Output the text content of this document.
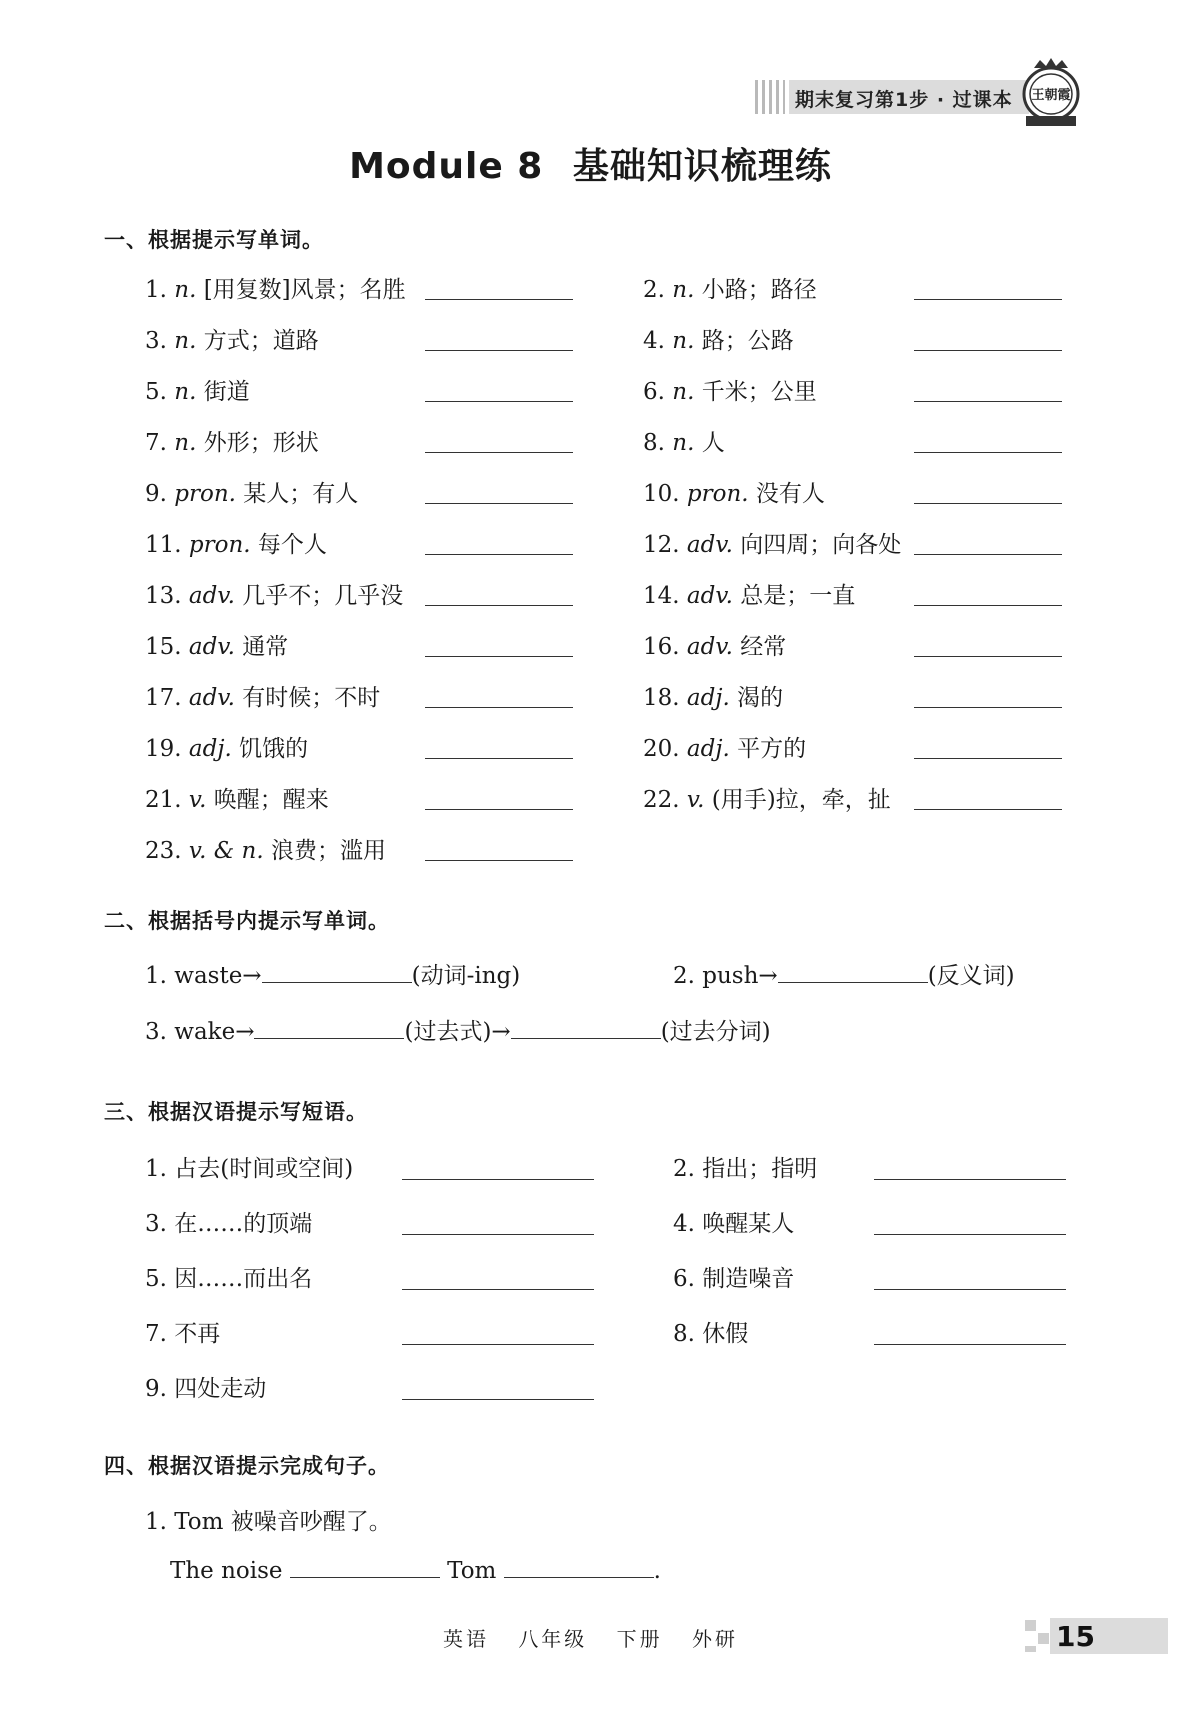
期末复习第1步 · 过课本 王朝霞
Module 8 基础知识梳理练
一、根据提示写单词。
1. n. [用复数]风景；名胜	2. n. 小路；路径
3. n. 方式；道路	4. n. 路；公路
5. n. 街道	6. n. 千米；公里
7. n. 外形；形状	8. n. 人
9. pron. 某人；有人	10. pron. 没有人
11. pron. 每个人	12. adv. 向四周；向各处
13. adv. 几乎不；几乎没	14. adv. 总是；一直
15. adv. 通常	16. adv. 经常
17. adv. 有时候；不时	18. adj. 渴的
19. adj. 饥饿的	20. adj. 平方的
21. v. 唤醒；醒来	22. v. (用手)拉，牵，扯
23. v. & n. 浪费；滥用
二、根据括号内提示写单词。
1. waste→	(动词-ing)	2. push→	(反义词)
3. wake→	(过去式)→	(过去分词)
三、根据汉语提示写短语。
1. 占去(时间或空间)	2. 指出；指明
3. 在……的顶端	4. 唤醒某人
5. 因……而出名	6. 制造噪音
7. 不再	8. 休假
9. 四处走动
四、根据汉语提示完成句子。
1. Tom 被噪音吵醒了。
The noise	Tom	.
英语 八年级 下册 外研	15
